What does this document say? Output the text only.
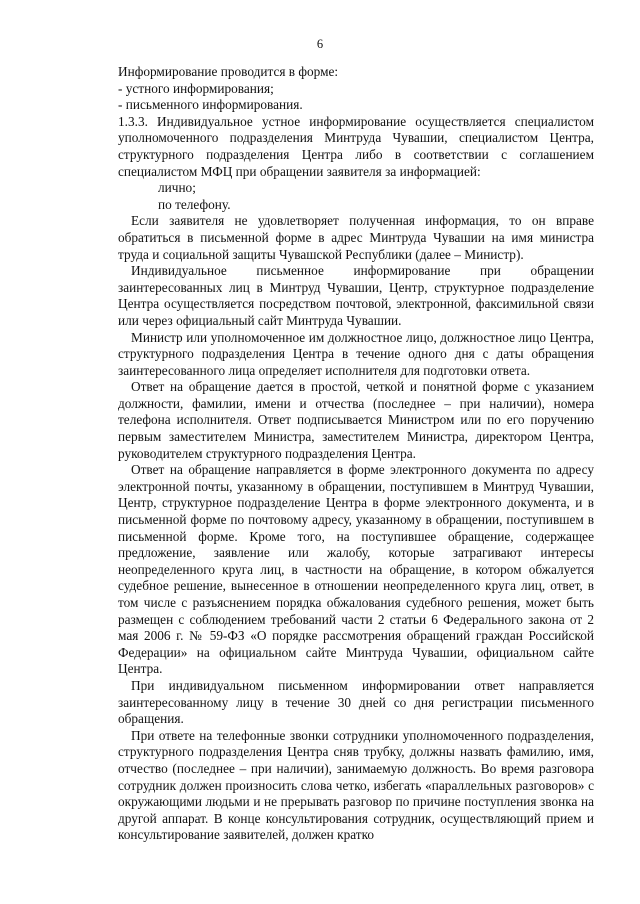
6

Информирование проводится в форме:

- устного информирования;

- письменного информирования.

1.3.3. Индивидуальное устное информирование осуществляется специалистом уполномоченного подразделения Минтруда Чувашии, специалистом Центра, структурного подразделения Центра либо в соответствии с соглашением специалистом МФЦ при обращении заявителя за информацией:

лично;

по телефону.

Если заявителя не удовлетворяет полученная информация, то он вправе обратиться в письменной форме в адрес Минтруда Чувашии на имя министра труда и социальной защиты Чувашской Республики (далее – Министр).

Индивидуальное письменное информирование при обращении заинтересованных лиц в Минтруд Чувашии, Центр, структурное подразделение Центра осуществляется посредством почтовой, электронной, факсимильной связи или через официальный сайт Минтруда Чувашии.

Министр или уполномоченное им должностное лицо, должностное лицо Центра, структурного подразделения Центра в течение одного дня с даты обращения заинтересованного лица определяет исполнителя для подготовки ответа.

Ответ на обращение дается в простой, четкой и понятной форме с указанием должности, фамилии, имени и отчества (последнее – при наличии), номера телефона исполнителя. Ответ подписывается Министром или по его поручению первым заместителем Министра, заместителем Министра, директором Центра, руководителем структурного подразделения Центра.

Ответ на обращение направляется в форме электронного документа по адресу электронной почты, указанному в обращении, поступившем в Минтруд Чувашии, Центр, структурное подразделение Центра в форме электронного документа, и в письменной форме по почтовому адресу, указанному в обращении, поступившем в письменной форме. Кроме того, на поступившее обращение, содержащее предложение, заявление или жалобу, которые затрагивают интересы неопределенного круга лиц, в частности на обращение, в котором обжалуется судебное решение, вынесенное в отношении неопределенного круга лиц, ответ, в том числе с разъяснением порядка обжалования судебного решения, может быть размещен с соблюдением требований части 2 статьи 6 Федерального закона от 2 мая 2006 г. № 59-ФЗ «О порядке рассмотрения обращений граждан Российской Федерации» на официальном сайте Минтруда Чувашии, официальном сайте Центра.

При индивидуальном письменном информировании ответ направляется заинтересованному лицу в течение 30 дней со дня регистрации письменного обращения.

При ответе на телефонные звонки сотрудники уполномоченного подразделения, структурного подразделения Центра сняв трубку, должны назвать фамилию, имя, отчество (последнее – при наличии), занимаемую должность. Во время разговора сотрудник должен произносить слова четко, избегать «параллельных разговоров» с окружающими людьми и не прерывать разговор по причине поступления звонка на другой аппарат. В конце консультирования сотрудник, осуществляющий прием и консультирование заявителей, должен кратко
